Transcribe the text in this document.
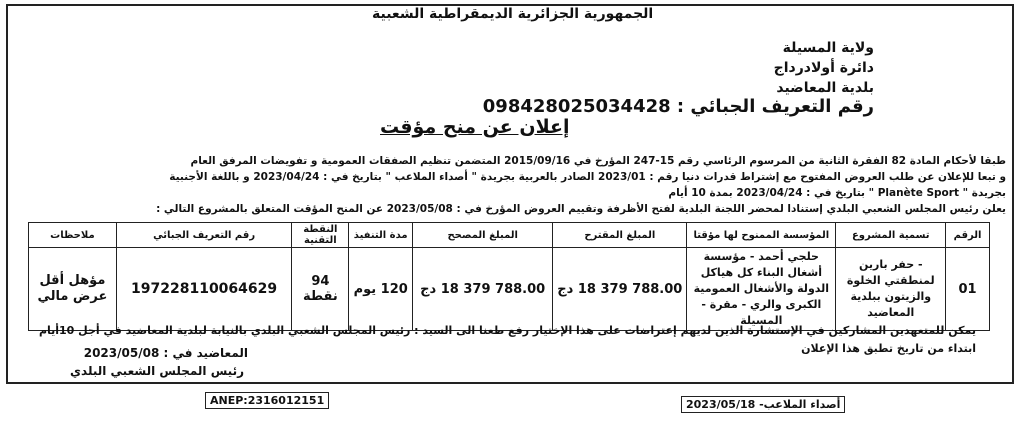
الجمهورية الجزائرية الديمقراطية الشعبية
ولاية المسيلة
دائرة أولادرداج
بلدية المعاضيد
رقم التعريف الجبائي : 098428025034428
إعلان عن منح مؤقت
طبقا لأحكام المادة 82 الفقرة الثانية من المرسوم الرئاسي رقم 15-247 المؤرخ في 2015/09/16 المتضمن تنظيم الصفقات العمومية و تفويضات المرفق العام
و تبعا للإعلان عن طلب العروض المفتوح مع إشتراط قدرات دنيا رقم : 2023/01 الصادر بالعربية بجريدة " أصداء الملاعب " بتاريخ في : 2023/04/24 و باللغة الأجنبية
بجريدة " Planète Sport " بتاريخ في : 2023/04/24 بمدة 10 أيام
يعلن رئيس المجلس الشعبي البلدي إستنادا لمحضر اللجنة البلدية لفتح الأظرفة وتقييم العروض المؤرخ في : 2023/05/08 عن المنح المؤقت المتعلق بالمشروع التالي :
الرقم	تسمية المشروع	المؤسسة الممنوح لها مؤقتا	المبلغ المقترح	المبلغ المصحح	مدة التنفيذ	النقطة التقنية	رقم التعريف الجبائي	ملاحظات
01	- حفر بارين لمنطقتي الخلوة والزيتون ببلدية المعاضيد	حلجي أحمد - مؤسسة أشغال البناء كل هياكل الدولة والأشغال العمومية الكبرى والري - مقرة - المسيلة	788.00 379 18 دج	788.00 379 18 دج	120 يوم	94 نقطة	197228110064629	مؤهل أقل عرض مالي
يمكن للمتعهدين المشاركين في الإستشارة الذين لديهم إعتراضات على هذا الإختيار رفع طعنا الى السيد : رئيس المجلس الشعبي البلدي بالنيابة لبلدية المعاضيد في أجل 10أيام
ابتداء من تاريخ تطبق هذا الإعلان
المعاضيد في : 2023/05/08
رئيس المجلس الشعبي البلدي
ANEP:2316012151	أصداء الملاعب- 2023/05/18
